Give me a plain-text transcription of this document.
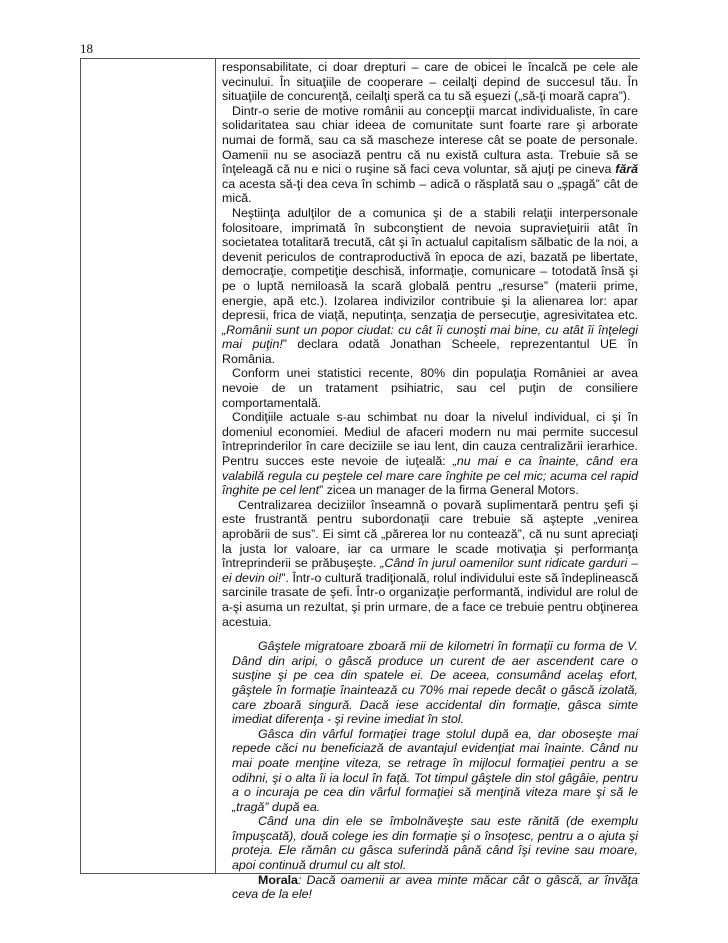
18

responsabilitate, ci doar drepturi – care de obicei le încalcă pe cele ale vecinului. În situaţiile de cooperare – ceilalţi depind de succesul tău. În situaţiile de concurenţă, ceilalţi speră ca tu să eşuezi („să-ţi moară capra”).

Dintr-o serie de motive românii au concepţii marcat individualiste, în care solidaritatea sau chiar ideea de comunitate sunt foarte rare şi arborate numai de formă, sau ca să mascheze interese cât se poate de personale. Oamenii nu se asociază pentru că nu există cultura asta. Trebuie să se înţeleagă că nu e nici o ruşine să faci ceva voluntar, să ajuţi pe cineva fără ca acesta să-ţi dea ceva în schimb – adică o răsplată sau o „şpagă” cât de mică.

Neştiinţa adulţilor de a comunica şi de a stabili relaţii interpersonale folositoare, imprimată în subconştient de nevoia supravieţuirii atât în societatea totalitară trecută, cât şi în actualul capitalism sălbatic de la noi, a devenit periculos de contraproductivă în epoca de azi, bazată pe libertate, democraţie, competiţie deschisă, informaţie, comunicare – totodată însă şi pe o luptă nemiloasă la scară globală pentru „resurse” (materii prime, energie, apă etc.). Izolarea indivizilor contribuie şi la alienarea lor: apar depresii, frica de viaţă, neputinţa, senzaţia de persecuţie, agresivitatea etc. „Românii sunt un popor ciudat: cu cât îi cunoşti mai bine, cu atât îi înţelegi mai puţin!” declara odată Jonathan Scheele, reprezentantul UE în România.

Conform unei statistici recente, 80% din populaţia României ar avea nevoie de un tratament psihiatric, sau cel puţin de consiliere comportamentală.

Condiţiile actuale s-au schimbat nu doar la nivelul individual, ci şi în domeniul economiei. Mediul de afaceri modern nu mai permite succesul întreprinderilor în care deciziile se iau lent, din cauza centralizării ierarhice. Pentru succes este nevoie de iuţeală: „nu mai e ca înainte, când era valabilă regula cu peştele cel mare care înghite pe cel mic; acuma cel rapid înghite pe cel lent” zicea un manager de la firma General Motors.

Centralizarea deciziilor înseamnă o povară suplimentară pentru şefi şi este frustrantă pentru subordonaţii care trebuie să aştepte „venirea aprobării de sus”. Ei simt că „părerea lor nu contează”, că nu sunt apreciaţi la justa lor valoare, iar ca urmare le scade motivaţia şi performanţa întreprinderii se prăbuşeşte. „Când în jurul oamenilor sunt ridicate garduri – ei devin oi!”. Într-o cultură tradiţională, rolul individului este să îndeplinească sarcinile trasate de şefi. Într-o organizaţie performantă, individul are rolul de a-şi asuma un rezultat, şi prin urmare, de a face ce trebuie pentru obţinerea acestuia.

Gâştele migratoare zboară mii de kilometri în formaţii cu forma de V. Dând din aripi, o gâscă produce un curent de aer ascendent care o susţine şi pe cea din spatele ei. De aceea, consumând acelaş efort, gâştele în formaţie înaintează cu 70% mai repede decât o gâscă izolată, care zboară singură. Dacă iese accidental din formaţie, gâsca simte imediat diferenţa - şi revine imediat în stol.

Gâsca din vârful formaţiei trage stolul după ea, dar oboseşte mai repede căci nu beneficiază de avantajul evidenţiat mai înainte. Când nu mai poate menţine viteza, se retrage în mijlocul formaţiei pentru a se odihni, şi o alta îi ia locul în faţă. Tot timpul gâştele din stol gâgâie, pentru a o incuraja pe cea din vârful formaţiei să menţină viteza mare şi să le „tragă” după ea.

Când una din ele se îmbolnăveşte sau este rănită (de exemplu împuşcată), două colege ies din formaţie şi o însoţesc, pentru a o ajuta şi proteja. Ele rămân cu gâsca suferindă până când îşi revine sau moare, apoi continuă drumul cu alt stol.

Morala: Dacă oamenii ar avea minte măcar cât o gâscă, ar învăţa ceva de la ele!
